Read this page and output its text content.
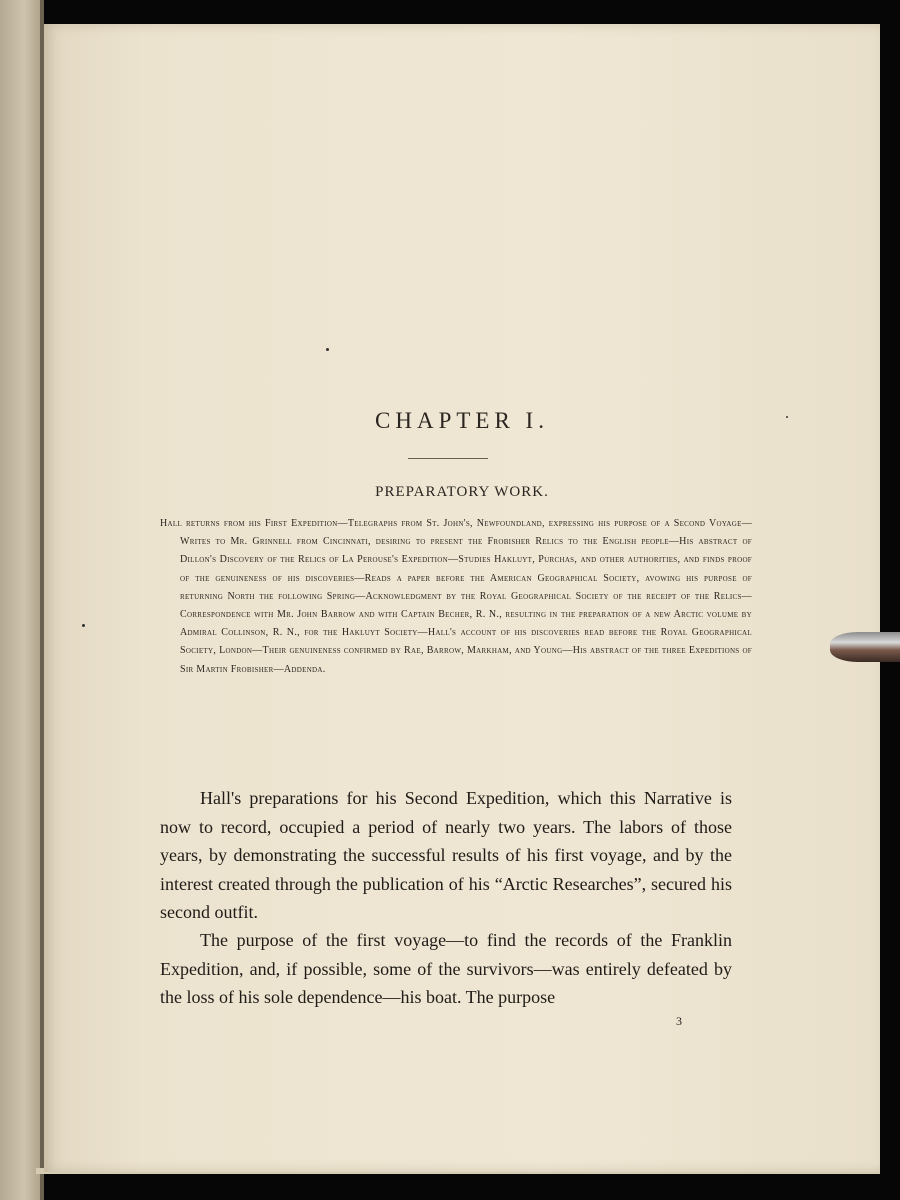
CHAPTER I.
PREPARATORY WORK.
Hall returns from his First Expedition—Telegraphs from St. John's, Newfoundland, expressing his purpose of a Second Voyage—Writes to Mr. Grinnell from Cincinnati, desiring to present the Frobisher Relics to the English people—His abstract of Dillon's Discovery of the Relics of La Perouse's Expedition—Studies Hakluyt, Purchas, and other authorities, and finds proof of the genuineness of his discoveries—Reads a paper before the American Geographical Society, avowing his purpose of returning North the following Spring—Acknowledgment by the Royal Geographical Society of the receipt of the Relics—Correspondence with Mr. John Barrow and with Captain Becher, R. N., resulting in the preparation of a new Arctic volume by Admiral Collinson, R. N., for the Hakluyt Society—Hall's account of his discoveries read before the Royal Geographical Society, London—Their genuineness confirmed by Rae, Barrow, Markham, and Young—His abstract of the three Expeditions of Sir Martin Frobisher—Addenda.

Hall's preparations for his Second Expedition, which this Narrative is now to record, occupied a period of nearly two years. The labors of those years, by demonstrating the successful results of his first voyage, and by the interest created through the publication of his “Arctic Researches”, secured his second outfit.

The purpose of the first voyage—to find the records of the Franklin Expedition, and, if possible, some of the survivors—was entirely defeated by the loss of his sole dependence—his boat. The purpose

3
